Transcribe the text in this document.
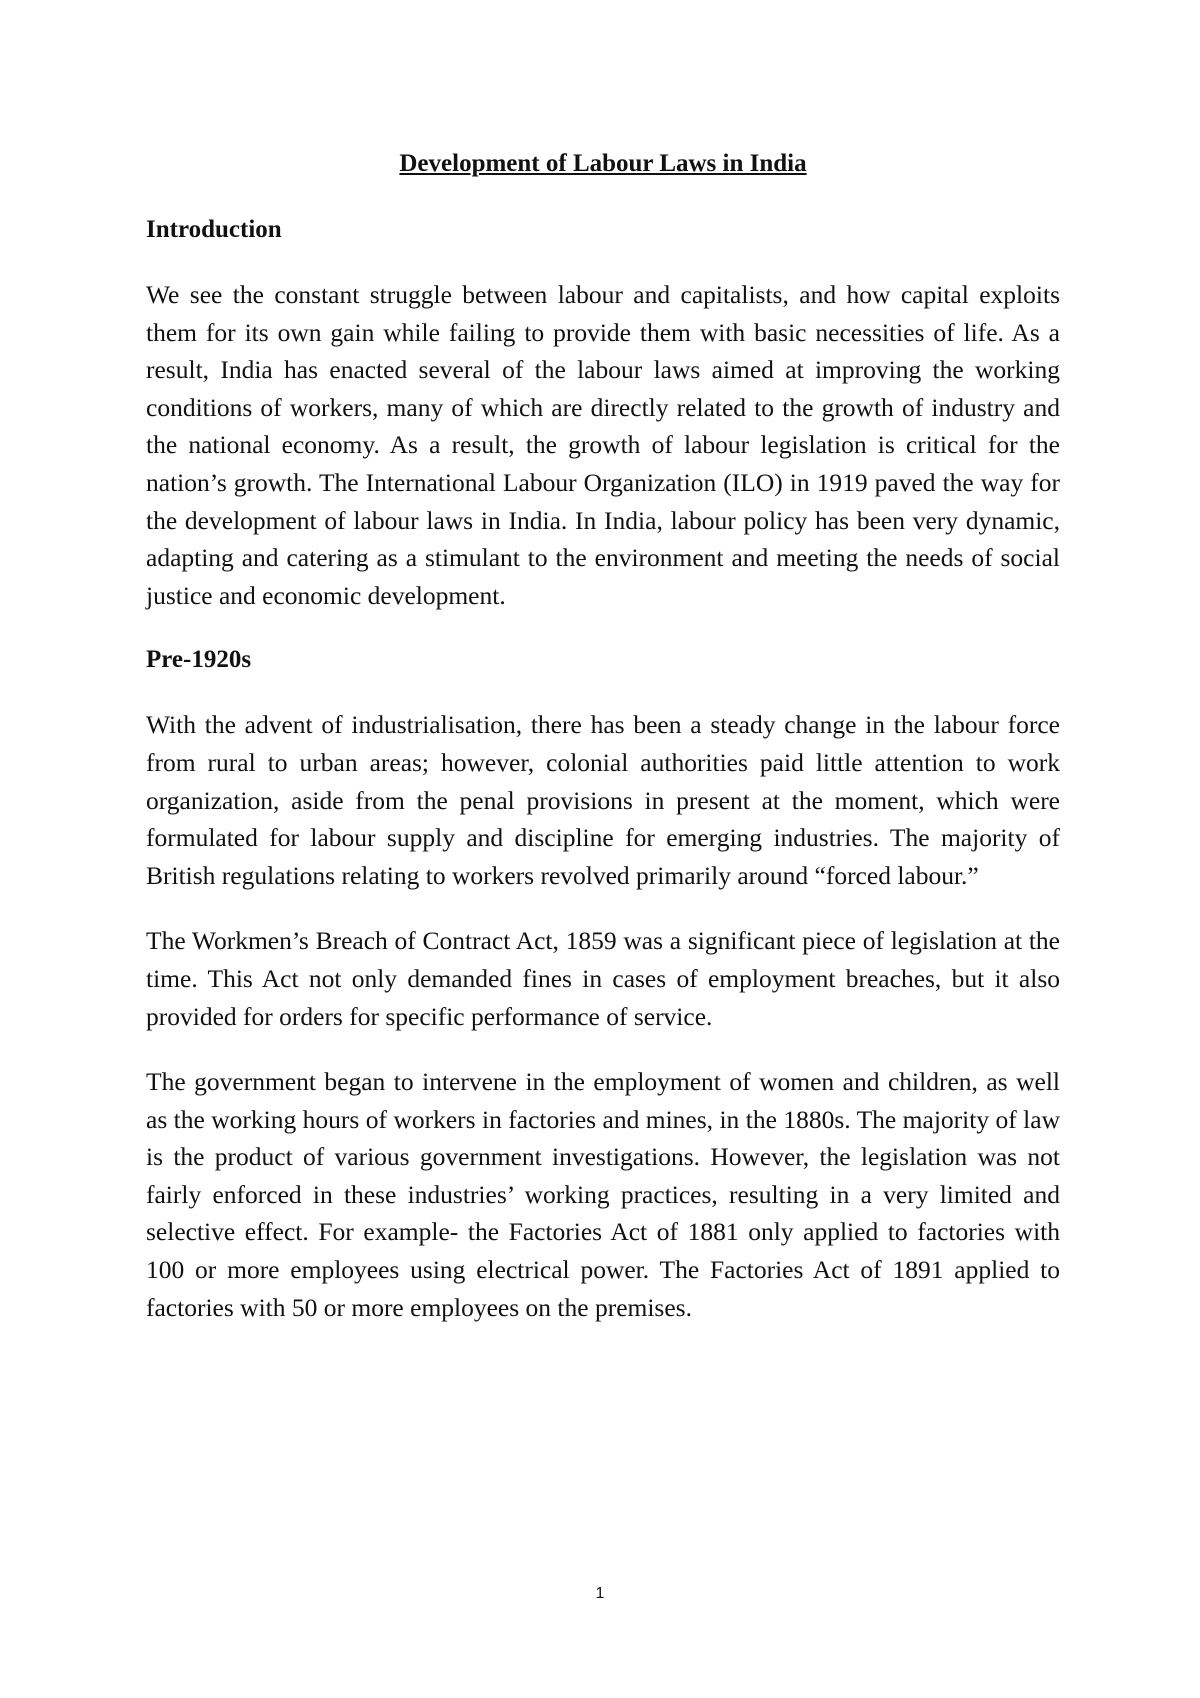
Development of Labour Laws in India
Introduction

We see the constant struggle between labour and capitalists, and how capital exploits them for its own gain while failing to provide them with basic necessities of life. As a result, India has enacted several of the labour laws aimed at improving the working conditions of workers, many of which are directly related to the growth of industry and the national economy. As a result, the growth of labour legislation is critical for the nation’s growth. The International Labour Organization (ILO) in 1919 paved the way for the development of labour laws in India. In India, labour policy has been very dynamic, adapting and catering as a stimulant to the environment and meeting the needs of social justice and economic development.

Pre-1920s

With the advent of industrialisation, there has been a steady change in the labour force from rural to urban areas; however, colonial authorities paid little attention to work organization, aside from the penal provisions in present at the moment, which were formulated for labour supply and discipline for emerging industries. The majority of British regulations relating to workers revolved primarily around “forced labour.”

The Workmen’s Breach of Contract Act, 1859 was a significant piece of legislation at the time. This Act not only demanded fines in cases of employment breaches, but it also provided for orders for specific performance of service.

The government began to intervene in the employment of women and children, as well as the working hours of workers in factories and mines, in the 1880s. The majority of law is the product of various government investigations. However, the legislation was not fairly enforced in these industries’ working practices, resulting in a very limited and selective effect. For example- the Factories Act of 1881 only applied to factories with 100 or more employees using electrical power. The Factories Act of 1891 applied to factories with 50 or more employees on the premises.

1
